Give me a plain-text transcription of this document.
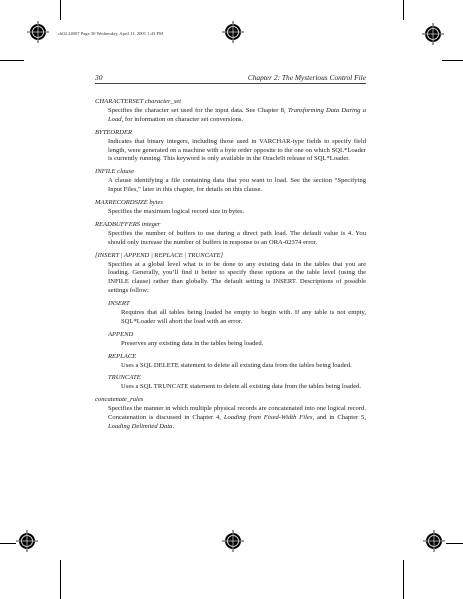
ch02.24007 Page 30 Wednesday, April 11, 2001 1:43 PM
30	Chapter 2: The Mysterious Control File

CHARACTERSET character_set

Specifies the character set used for the input data. See Chapter 8, Transforming Data During a Load, for information on character set conversions.

BYTEORDER

Indicates that binary integers, including those used in VARCHAR-type fields to specify field length, were generated on a machine with a byte order opposite to the one on which SQL*Loader is currently running. This keyword is only available in the Oracle9i release of SQL*Loader.

INFILE clause

A clause identifying a file containing data that you want to load. See the section “Specifying Input Files,” later in this chapter, for details on this clause.

MAXRECORDSIZE bytes

Specifies the maximum logical record size in bytes.

READBUFFERS integer

Specifies the number of buffers to use during a direct path load. The default value is 4. You should only increase the number of buffers in response to an ORA-02374 error.

[INSERT | APPEND | REPLACE | TRUNCATE]

Specifies at a global level what is to be done to any existing data in the tables that you are loading. Generally, you’ll find it better to specify these options at the table level (using the INFILE clause) rather than globally. The default setting is INSERT. Descriptions of possible settings follow:

INSERT

Requires that all tables being loaded be empty to begin with. If any table is not empty, SQL*Loader will abort the load with an error.

APPEND

Preserves any existing data in the tables being loaded.

REPLACE

Uses a SQL DELETE statement to delete all existing data from the tables being loaded.

TRUNCATE

Uses a SQL TRUNCATE statement to delete all existing data from the tables being loaded.

concatenate_rules

Specifies the manner in which multiple physical records are concatenated into one logical record. Concatenation is discussed in Chapter 4, Loading from Fixed-Width Files, and in Chapter 5, Loading Delimited Data.
